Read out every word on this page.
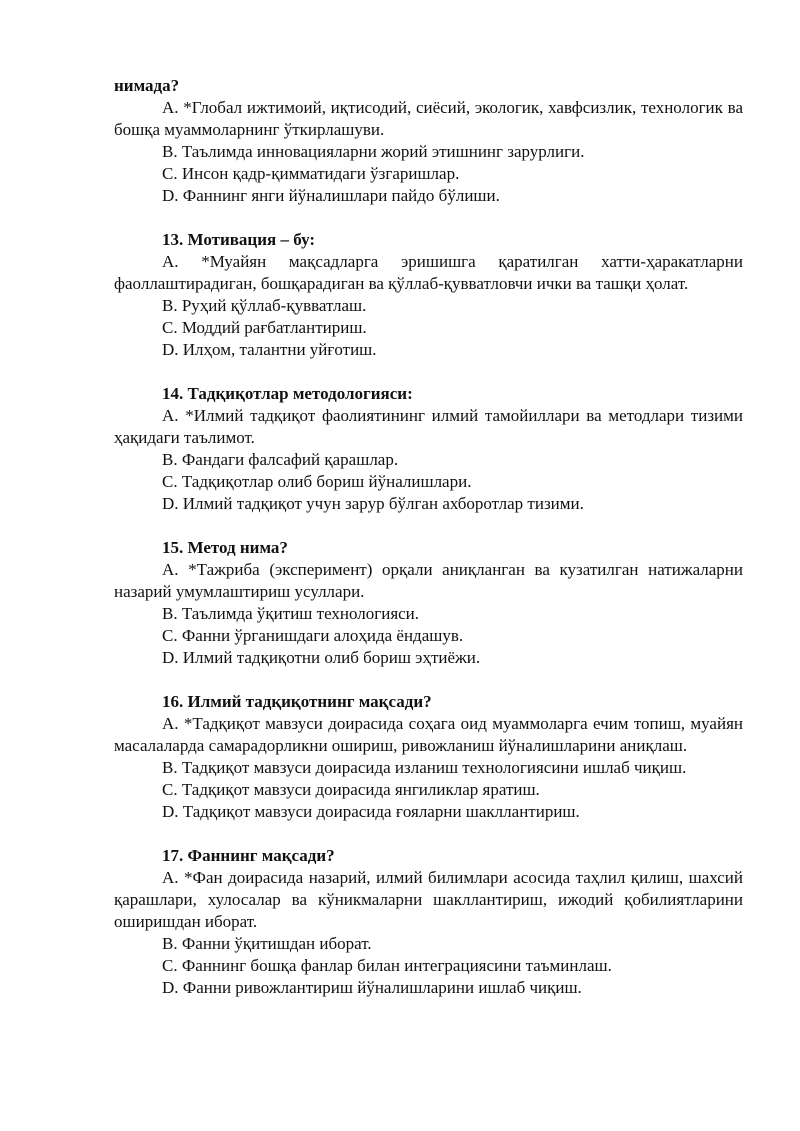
нимада?

A. *Глобал ижтимоий, иқтисодий, сиёсий, экологик, хавфсизлик, технологик ва бошқа муаммоларнинг ўткирлашуви.

B. Таълимда инновацияларни жорий этишнинг зарурлиги.

C. Инсон қадр-қимматидаги ўзгаришлар.

D. Фаннинг янги йўналишлари пайдо бўлиши.

13. Мотивация – бу:

A. *Муайян мақсадларга эришишга қаратилган хатти-ҳаракатларни фаоллаштирадиган, бошқарадиган ва қўллаб-қувватловчи ички ва ташқи ҳолат.

B. Руҳий қўллаб-қувватлаш.

C. Моддий рағбатлантириш.

D. Илҳом, талантни уйғотиш.

14. Тадқиқотлар методологияси:

A. *Илмий тадқиқот фаолиятининг илмий тамойиллари ва методлари тизими ҳақидаги таълимот.

B. Фандаги фалсафий қарашлар.

C. Тадқиқотлар олиб бориш йўналишлари.

D. Илмий тадқиқот учун зарур бўлган ахборотлар тизими.

15. Метод нима?

A. *Тажриба (эксперимент) орқали аниқланган ва кузатилган натижаларни назарий умумлаштириш усуллари.

B. Таълимда ўқитиш технологияси.

C. Фанни ўрганишдаги алоҳида ёндашув.

D. Илмий тадқиқотни олиб бориш эҳтиёжи.

16. Илмий тадқиқотнинг мақсади?

A. *Тадқиқот мавзуси доирасида соҳага оид муаммоларга ечим топиш, муайян масалаларда самарадорликни ошириш, ривожланиш йўналишларини аниқлаш.

B. Тадқиқот мавзуси доирасида изланиш технологиясини ишлаб чиқиш.

C. Тадқиқот мавзуси доирасида янгиликлар яратиш.

D. Тадқиқот мавзуси доирасида ғояларни шакллантириш.

17. Фаннинг мақсади?

A. *Фан доирасида назарий, илмий билимлари асосида таҳлил қилиш, шахсий қарашлари, хулосалар ва кўникмаларни шакллантириш, ижодий қобилиятларини оширишдан иборат.

B. Фанни ўқитишдан иборат.

C. Фаннинг бошқа фанлар билан интеграциясини таъминлаш.

D. Фанни ривожлантириш йўналишларини ишлаб чиқиш.
